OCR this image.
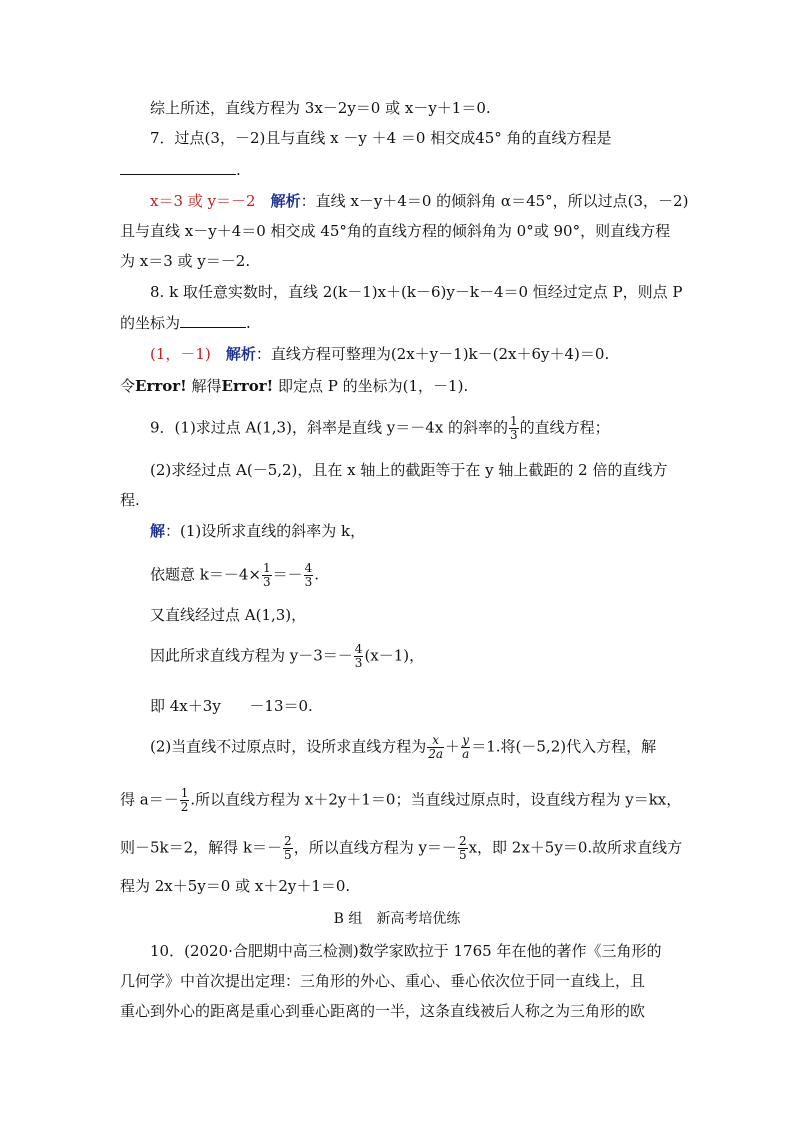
综上所述，直线方程为 3x－2y＝0 或 x－y＋1＝0.
7．过点(3，－2)且与直线 x －y ＋4 ＝0 相交成45° 角的直线方程是
.
x＝3 或 y＝－2　 解析：直线 x－y＋4＝0 的倾斜角 α＝45°，所以过点(3，－2)
且与直线 x－y＋4＝0 相交成 45°角的直线方程的倾斜角为 0°或 90°，则直线方程
为 x＝3 或 y＝－2.
8. k 取任意实数时，直线 2(k－1)x＋(k－6)y－k－4＝0 恒经过定点 P，则点 P
的坐标为	.
(1，－1)　 解析：直线方程可整理为(2x＋y－1)k－(2x＋6y＋4)＝0.
令Error! 解得Error! 即定点 P 的坐标为(1，－1).
9．(1)求过点 A(1,3)，斜率是直线 y＝－4x 的斜率的 $\frac{1}{3}$ 的直线方程；
(2)求经过点 A(－5,2)，且在 x 轴上的截距等于在 y 轴上截距的 2 倍的直线方
程.
解：(1)设所求直线的斜率为 k，
依题意 $k=-4\times \frac{1}{3} =- \frac{4}{3}$ .
又直线经过点 A(1,3)，
因此所求直线方程为 $y-3=- \frac{4}{3} (x-1)$，
即 4x＋3y      －13＝0.
(2)当直线不过原点时，设所求直线方程为 $\frac{x}{2a} + \frac{y}{a} =1$.将(－5,2)代入方程，解
得 $a=- \frac{1}{2}$ .所以直线方程为 x＋2y＋1＝0；当直线过原点时，设直线方程为 y＝kx，
则－5k＝2，解得 $k=- \frac{2}{5}$ ，所以直线方程为 $y=- \frac{2}{5}$ x，即 2x＋5y＝0.故所求直线方
程为 2x＋5y＝0 或 x＋2y＋1＝0.
B 组　新高考培优练
10．(2020·合肥期中高三检测)数学家欧拉于 1765 年在他的著作《三角形的
几何学》中首次提出定理：三角形的外心、重心、垂心依次位于同一直线上，且
重心到外心的距离是重心到垂心距离的一半，这条直线被后人称之为三角形的欧
